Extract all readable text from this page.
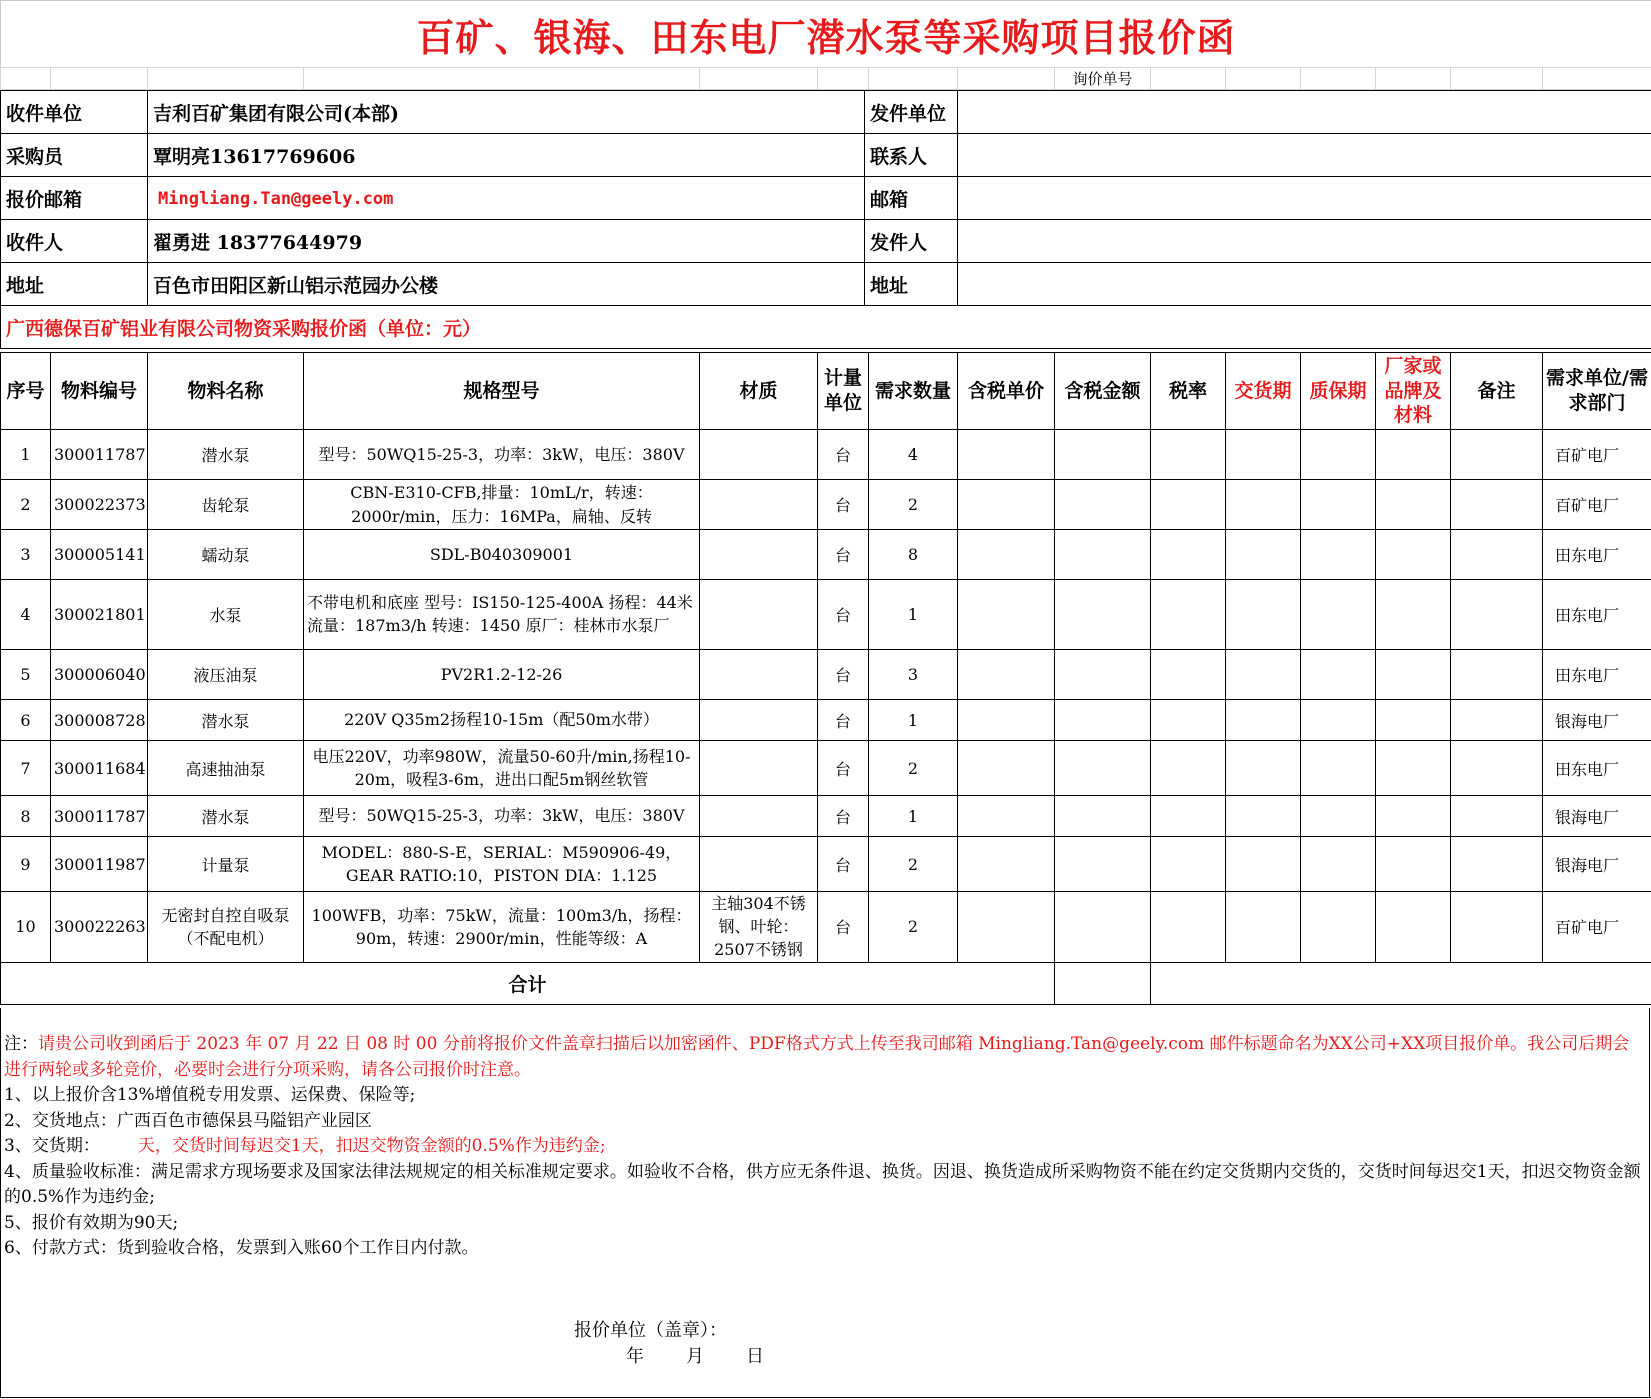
百矿、银海、田东电厂潜水泵等采购项目报价函
								询价单号						
收件单位	吉利百矿集团有限公司(本部)	发件单位	
采购员	覃明亮13617769606	联系人	
报价邮箱	Mingliang.Tan@geely.com	邮箱	
收件人	翟勇进 18377644979	发件人	
地址	百色市田阳区新山铝示范园办公楼	地址	
广西德保百矿铝业有限公司物资采购报价函（单位：元）			
序号	物料编号	物料名称	规格型号	材质	计量单位	需求数量	含税单价	含税金额	税率	交货期	质保期	厂家或品牌及材料	备注	需求单位/需求部门
1	300011787	潜水泵	型号：50WQ15-25-3，功率：3kW，电压：380V		台	4								百矿电厂
2	300022373	齿轮泵	CBN-E310-CFB,排量：10mL/r，转速：2000r/min，压力：16MPa，扁轴、反转		台	2								百矿电厂
3	300005141	蠕动泵	SDL-B040309001		台	8								田东电厂
4	300021801	水泵	不带电机和底座 型号：IS150-125-400A 扬程：44米 流量：187m3/h 转速：1450 原厂：桂林市水泵厂		台	1								田东电厂
5	300006040	液压油泵	PV2R1.2-12-26		台	3								田东电厂
6	300008728	潜水泵	220V Q35m2扬程10-15m（配50m水带）		台	1								银海电厂
7	300011684	高速抽油泵	电压220V，功率980W，流量50-60升/min,扬程10-20m，吸程3-6m，进出口配5m钢丝软管		台	2								田东电厂
8	300011787	潜水泵	型号：50WQ15-25-3，功率：3kW，电压：380V		台	1								银海电厂
9	300011987	计量泵	MODEL：880-S-E，SERIAL：M590906-49，GEAR RATIO:10，PISTON DIA：1.125		台	2								银海电厂
10	300022263	无密封自控自吸泵（不配电机）	100WFB，功率：75kW，流量：100m3/h，扬程：90m，转速：2900r/min，性能等级：A	主轴304不锈钢、叶轮：2507不锈钢	台	2								百矿电厂
合计														

注：请贵公司收到函后于 2023 年 07 月 22 日 08 时 00 分前将报价文件盖章扫描后以加密函件、PDF格式方式上传至我司邮箱 Mingliang.Tan@geely.com 邮件标题命名为XX公司+XX项目报价单。我公司后期会进行两轮或多轮竞价，必要时会进行分项采购，请各公司报价时注意。

1、以上报价含13%增值税专用发票、运保费、保险等;

2、交货地点：广西百色市德保县马隘铝产业园区

3、交货期： 天，交货时间每迟交1天，扣迟交物资金额的0.5%作为违约金;

4、质量验收标准：满足需求方现场要求及国家法律法规规定的相关标准规定要求。如验收不合格，供方应无条件退、换货。因退、换货造成所采购物资不能在约定交货期内交货的，交货时间每迟交1天，扣迟交物资金额的0.5%作为违约金;

5、报价有效期为90天;

6、付款方式：货到验收合格，发票到入账60个工作日内付款。

报价单位（盖章）：
年 月 日
